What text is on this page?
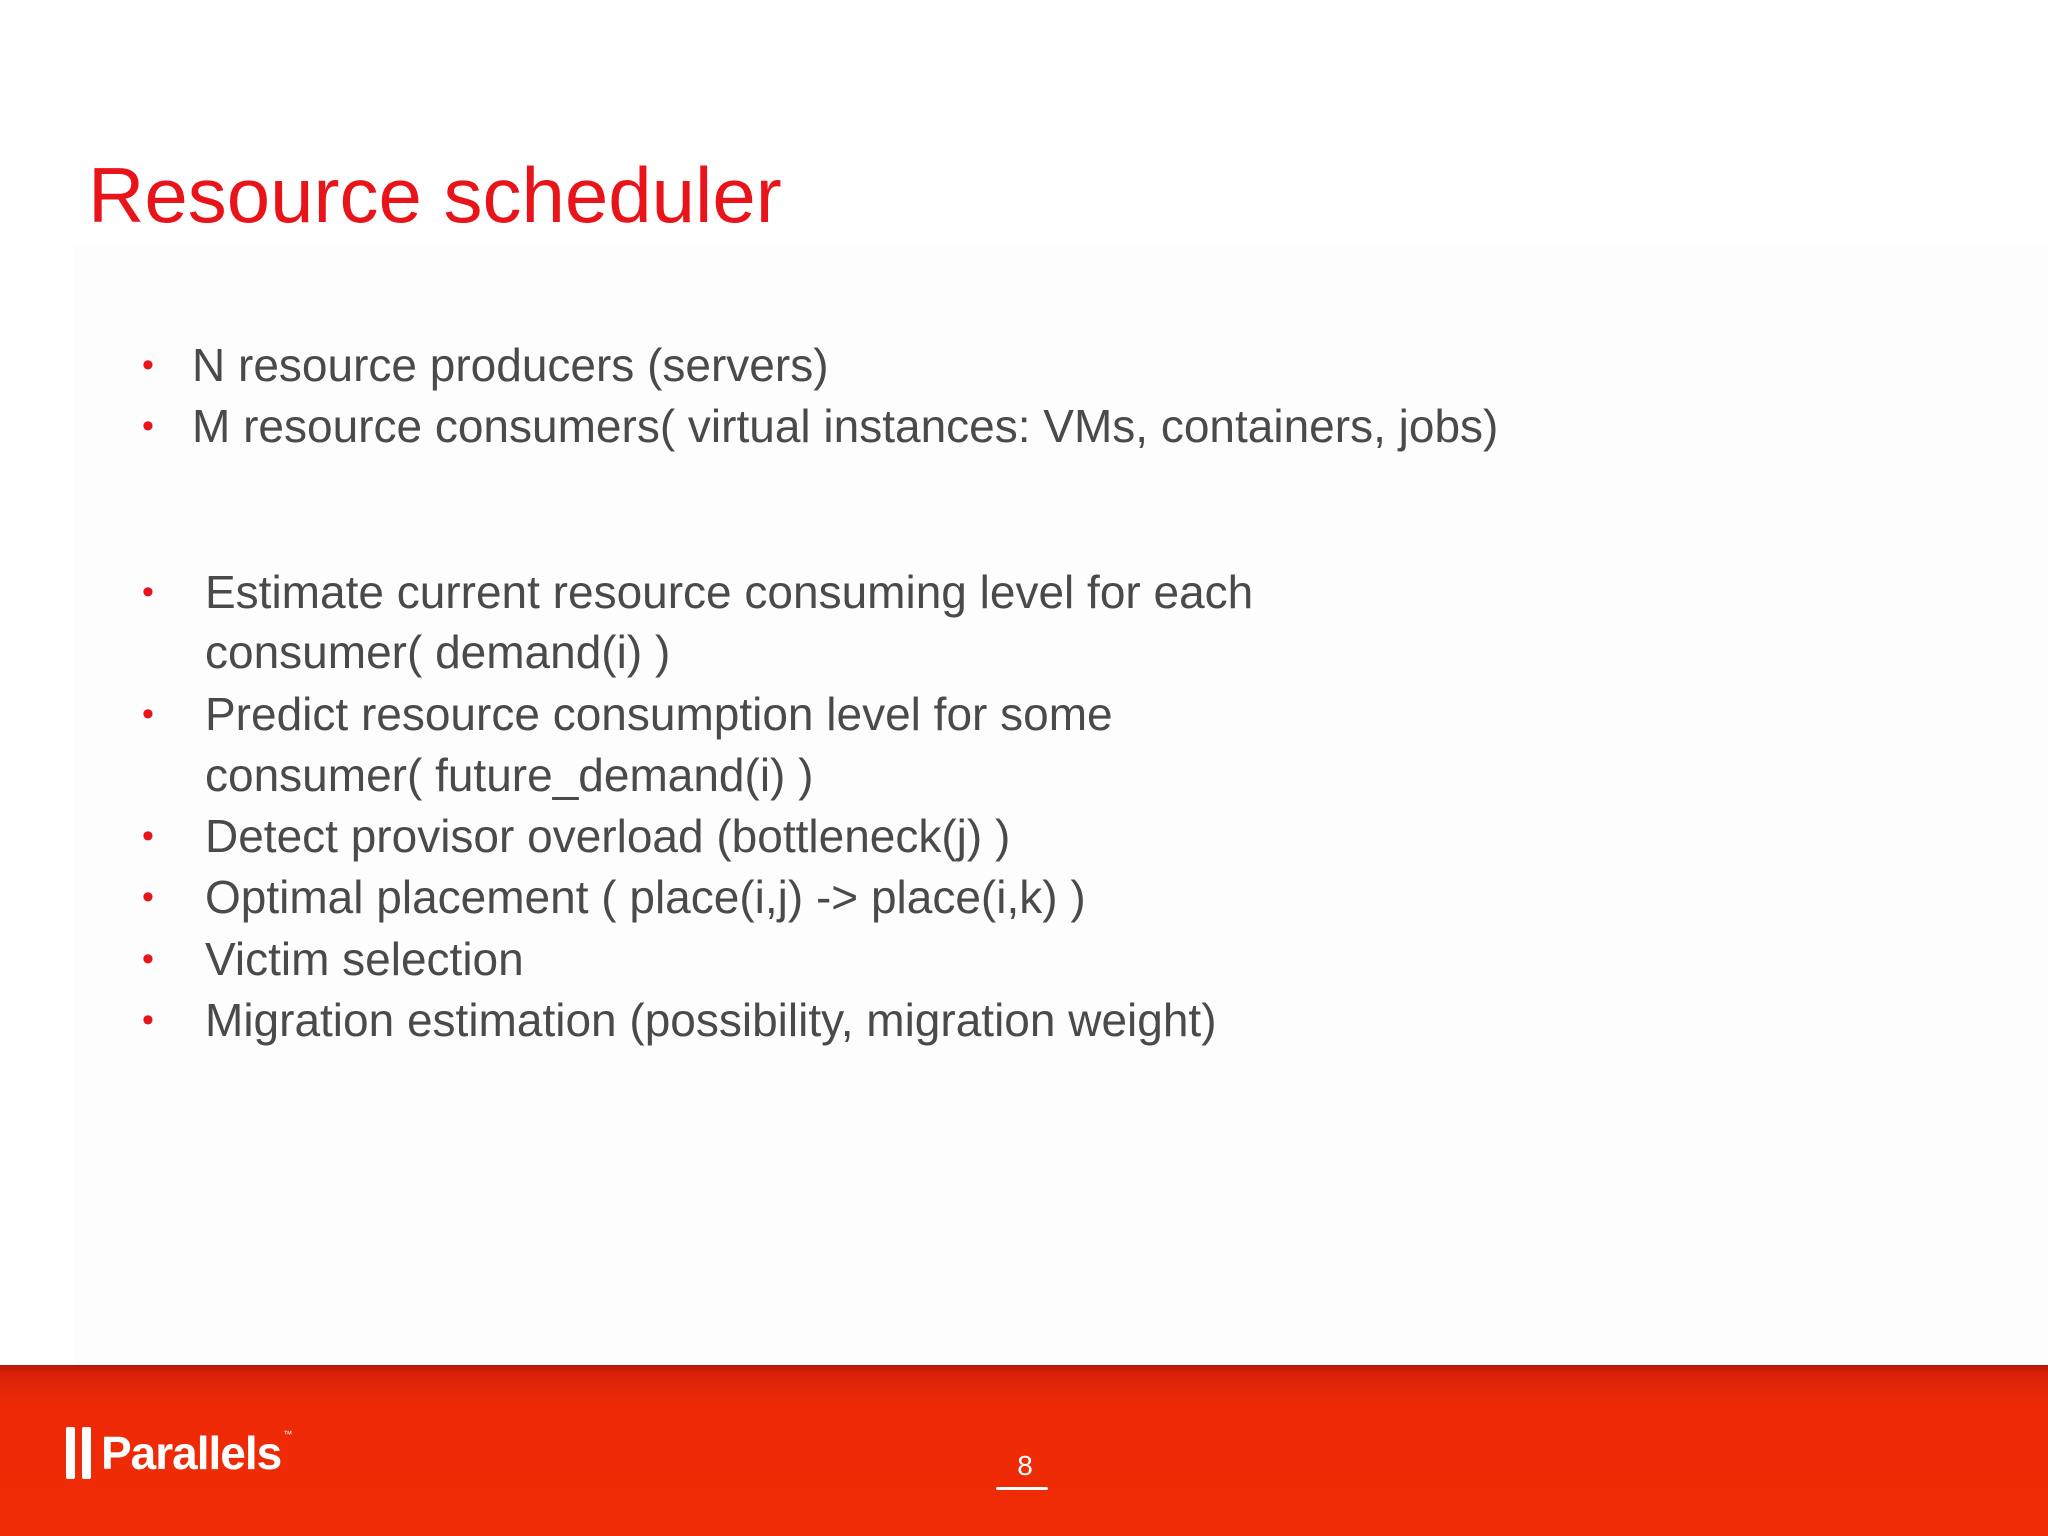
Resource scheduler
• N resource producers (servers)
• M resource consumers( virtual instances: VMs, containers, jobs)
• Estimate current resource consuming level for each
consumer( demand(i) )
• Predict resource consumption level for some
consumer( future_demand(i) )
• Detect provisor overload (bottleneck(j) )
• Optimal placement ( place(i,j) -> place(i,k) )
• Victim selection
• Migration estimation (possibility, migration weight)
Parallels ™
8
